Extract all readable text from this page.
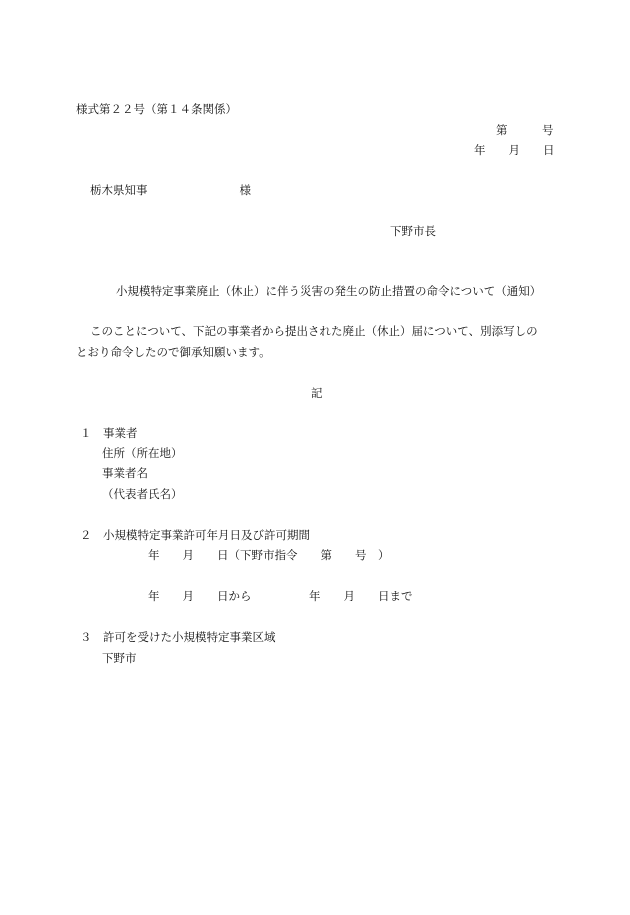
様式第２２号（第１４条関係）
第　　　号
年　　月　　日
栃木県知事　　　　　　　　様
下野市長
小規模特定事業廃止（休止）に伴う災害の発生の防止措置の命令について（通知）
このことについて、下記の事業者から提出された廃止（休止）届について、別添写しの
とおり命令したので御承知願います。
記
１　事業者
住所（所在地）
事業者名
（代表者氏名）
２　小規模特定事業許可年月日及び許可期間
年　　月　　日（下野市指令　　第　　号　）
年　　月　　日から　　　　　年　　月　　日まで
３　許可を受けた小規模特定事業区域
下野市
